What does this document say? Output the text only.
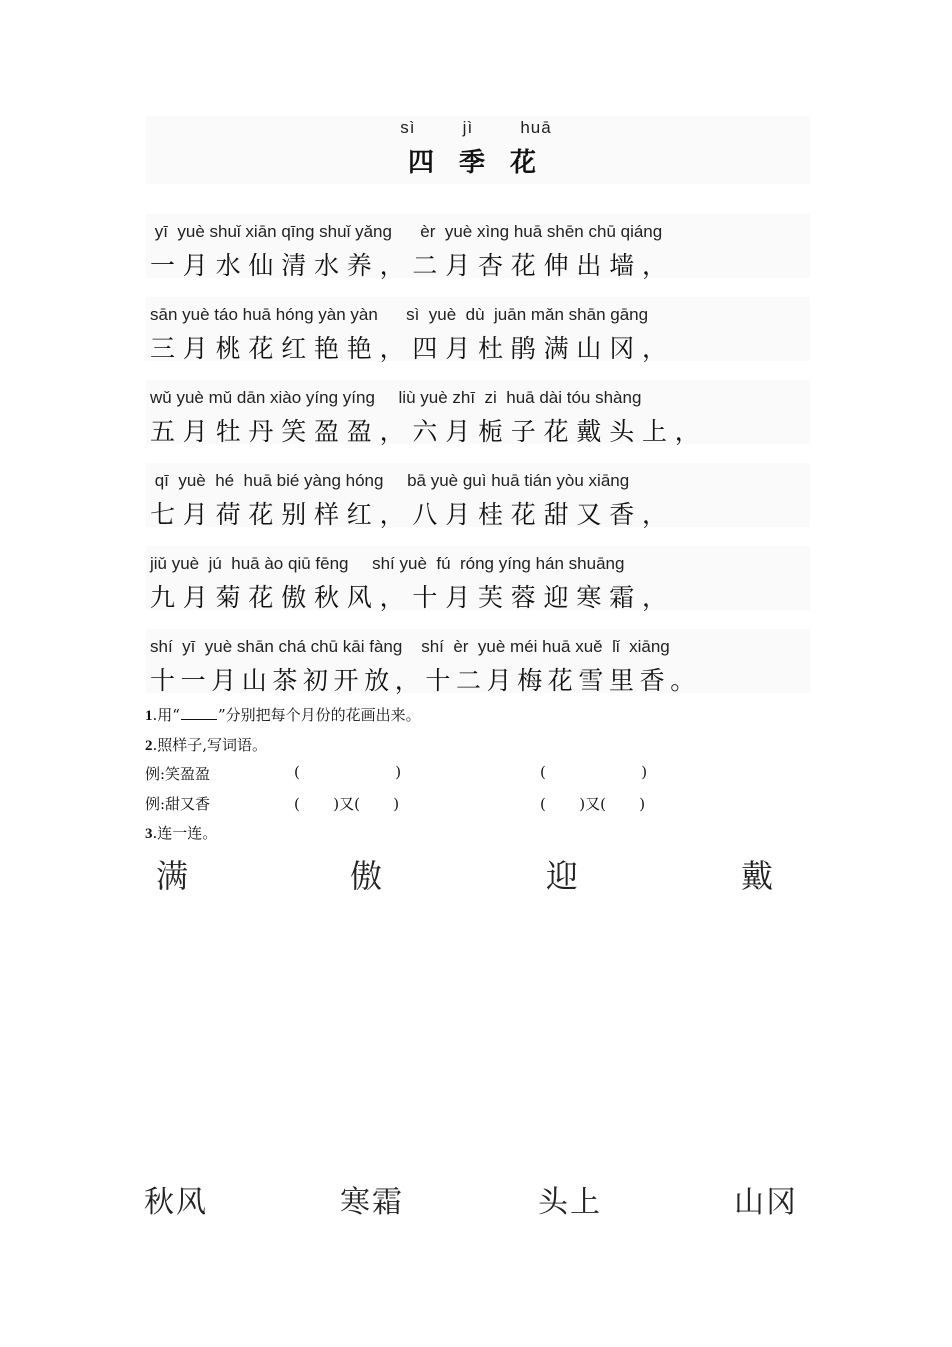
sì   jì   huā
四 季 花
yī  yuè shuǐ xiān qīng shuǐ yǎng      èr  yuè xìng huā shēn chū qiáng
一月水仙清水养，二月杏花伸出墙，
sān yuè táo huā hóng yàn yàn      sì  yuè  dù  juān mǎn shān gāng
三月桃花红艳艳，四月杜鹃满山冈，
wǔ yuè mǔ dān xiào yíng yíng     liù yuè zhī  zi  huā dài tóu shàng
五月牡丹笑盈盈，六月栀子花戴头上，
qī  yuè  hé  huā bié yàng hóng     bā yuè guì huā tián yòu xiāng
七月荷花别样红，八月桂花甜又香，
jiǔ yuè  jú  huā ào qiū fēng     shí yuè  fú  róng yíng hán shuāng
九月菊花傲秋风，十月芙蓉迎寒霜，
shí  yī  yuè shān chá chū kāi fàng    shí  èr  yuè méi huā xuě  lǐ  xiāng
十一月山茶初开放，十二月梅花雪里香。
1.用“	”分别把每个月份的花画出来。
2.照样子,写词语。
例:笑盈盈	(                    )	(                    )
例:甜又香	(       )又(       )	(       )又(       )
3.连一连。
满	傲	迎	戴
秋风	寒霜	头上	山冈
